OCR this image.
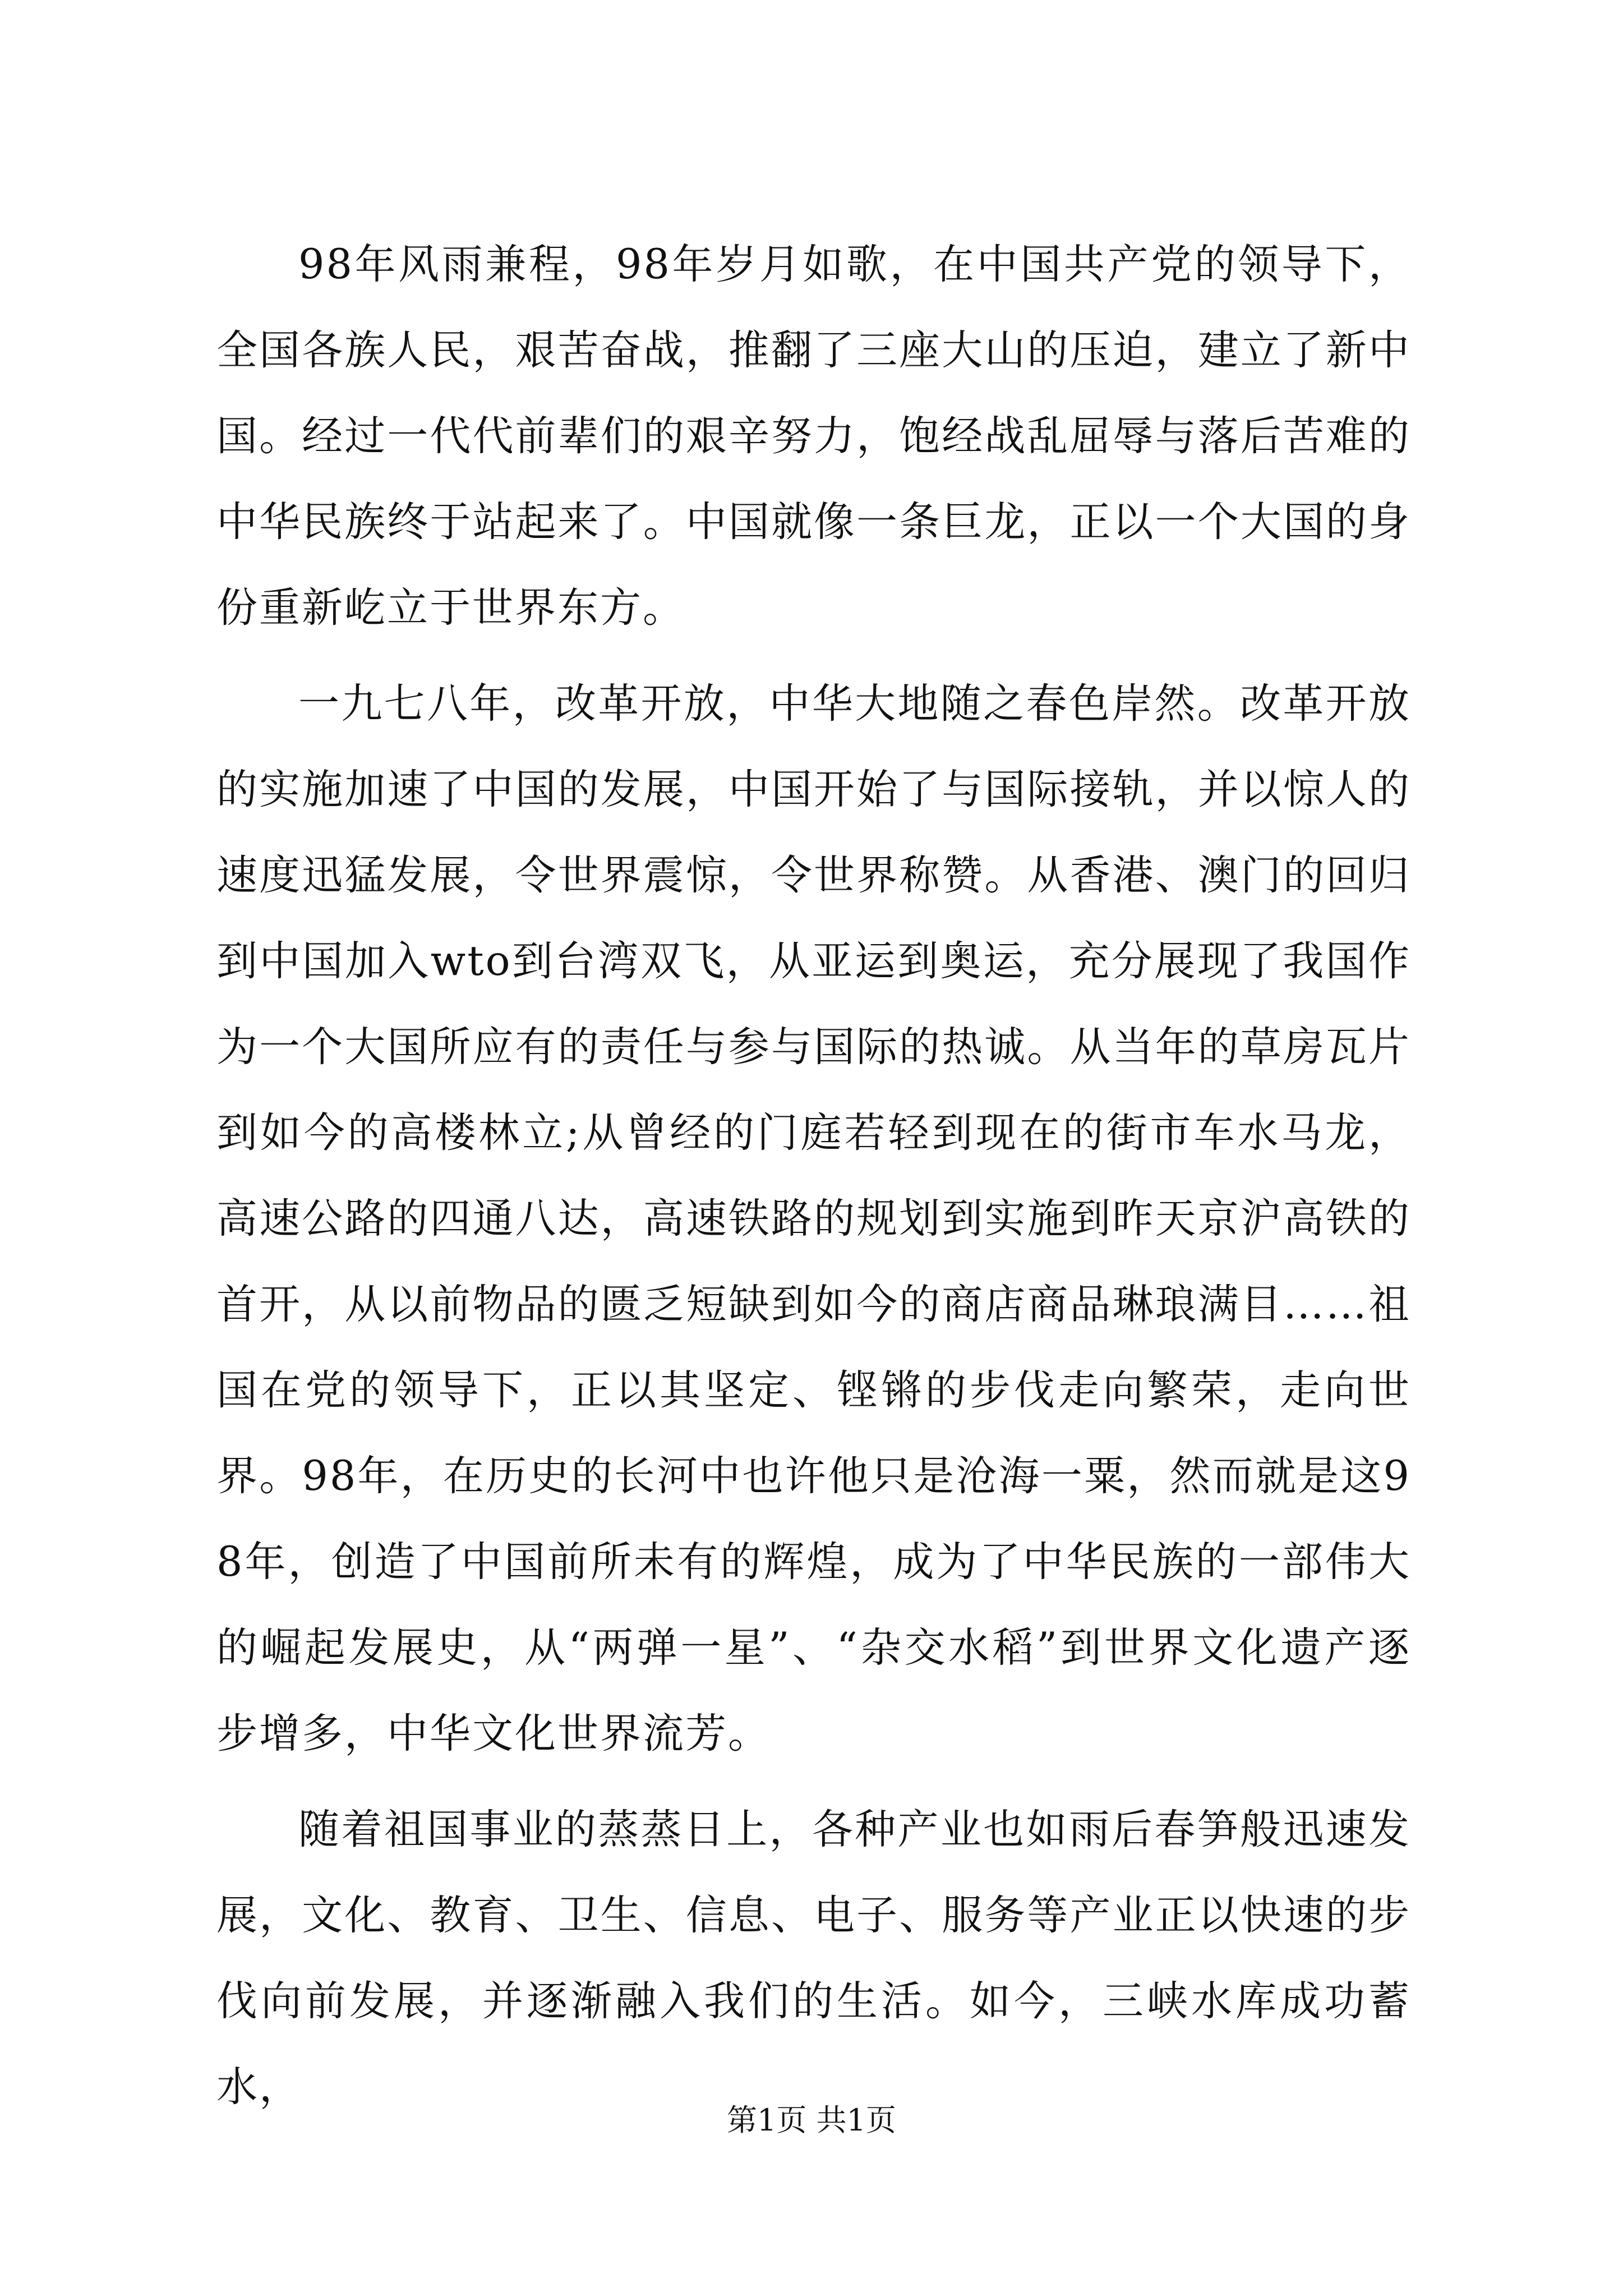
98年风雨兼程，98年岁月如歌，在中国共产党的领导下，全国各族人民，艰苦奋战，推翻了三座大山的压迫，建立了新中国。经过一代代前辈们的艰辛努力，饱经战乱屈辱与落后苦难的中华民族终于站起来了。中国就像一条巨龙，正以一个大国的身份重新屹立于世界东方。

一九七八年，改革开放，中华大地随之春色岸然。改革开放的实施加速了中国的发展，中国开始了与国际接轨，并以惊人的速度迅猛发展，令世界震惊，令世界称赞。从香港、澳门的回归到中国加入wto到台湾双飞，从亚运到奥运，充分展现了我国作为一个大国所应有的责任与参与国际的热诚。从当年的草房瓦片到如今的高楼林立;从曾经的门庭若轻到现在的街市车水马龙，高速公路的四通八达，高速铁路的规划到实施到昨天京沪高铁的首开，从以前物品的匮乏短缺到如今的商店商品琳琅满目……祖国在党的领导下，正以其坚定、铿锵的步伐走向繁荣，走向世界。98年，在历史的长河中也许他只是沧海一粟，然而就是这98年，创造了中国前所未有的辉煌，成为了中华民族的一部伟大的崛起发展史，从“两弹一星”、“杂交水稻”到世界文化遗产逐步增多，中华文化世界流芳。

随着祖国事业的蒸蒸日上，各种产业也如雨后春笋般迅速发展，文化、教育、卫生、信息、电子、服务等产业正以快速的步伐向前发展，并逐渐融入我们的生活。如今，三峡水库成功蓄水，

第1页 共1页
